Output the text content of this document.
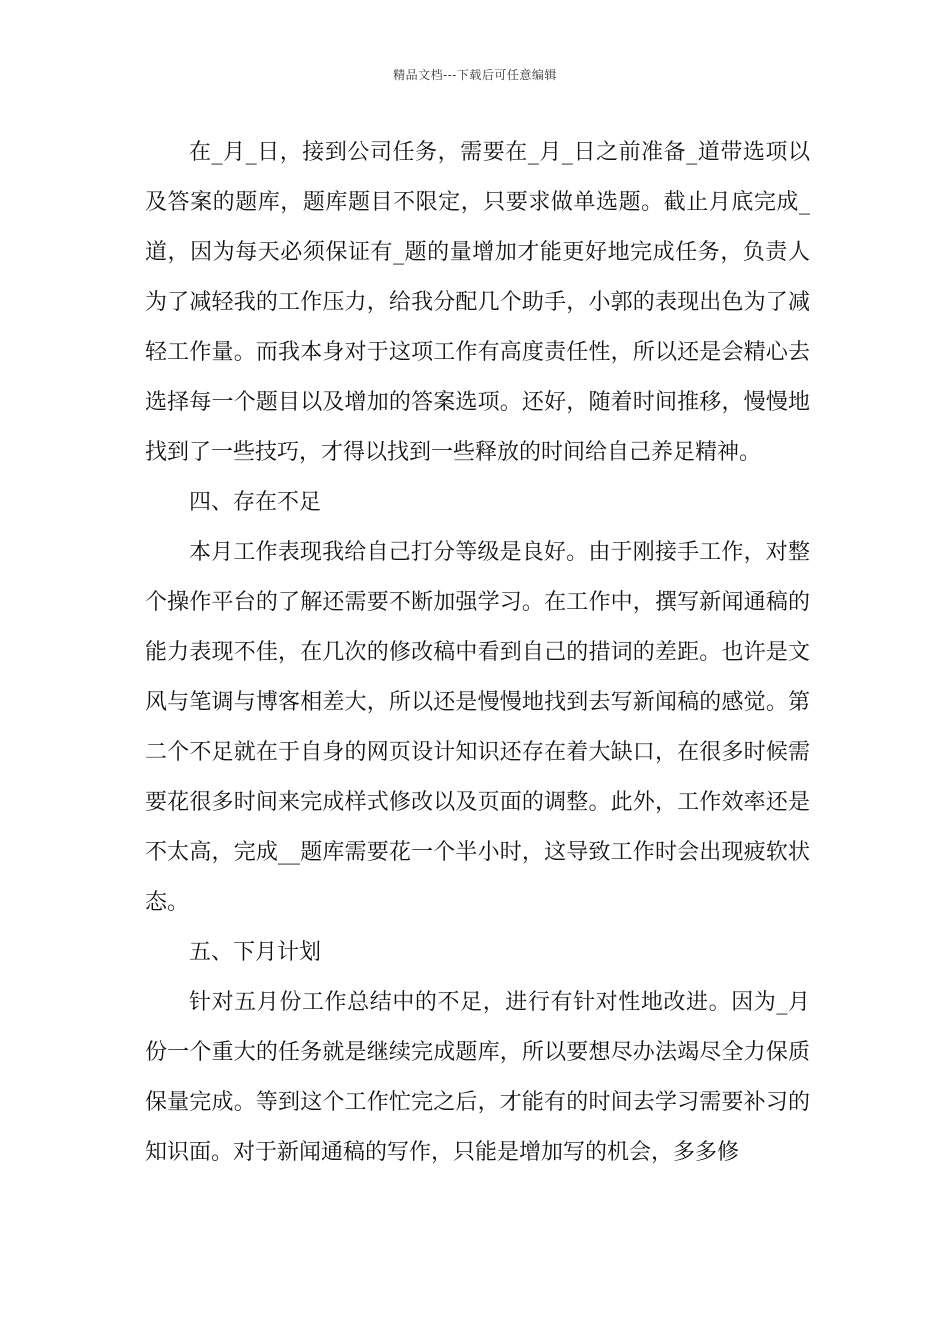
精品文档---下载后可任意编辑

在_月_日，接到公司任务，需要在_月_日之前准备_道带选项以及答案的题库，题库题目不限定，只要求做单选题。截止月底完成_道，因为每天必须保证有_题的量增加才能更好地完成任务，负责人为了减轻我的工作压力，给我分配几个助手，小郭的表现出色为了减轻工作量。而我本身对于这项工作有高度责任性，所以还是会精心去选择每一个题目以及增加的答案选项。还好，随着时间推移，慢慢地找到了一些技巧，才得以找到一些释放的时间给自己养足精神。

四、存在不足

本月工作表现我给自己打分等级是良好。由于刚接手工作，对整个操作平台的了解还需要不断加强学习。在工作中，撰写新闻通稿的能力表现不佳，在几次的修改稿中看到自己的措词的差距。也许是文风与笔调与博客相差大，所以还是慢慢地找到去写新闻稿的感觉。第二个不足就在于自身的网页设计知识还存在着大缺口，在很多时候需要花很多时间来完成样式修改以及页面的调整。此外，工作效率还是不太高，完成__题库需要花一个半小时，这导致工作时会出现疲软状态。

五、下月计划

针对五月份工作总结中的不足，进行有针对性地改进。因为_月份一个重大的任务就是继续完成题库，所以要想尽办法竭尽全力保质保量完成。等到这个工作忙完之后，才能有的时间去学习需要补习的知识面。对于新闻通稿的写作，只能是增加写的机会，多多修
